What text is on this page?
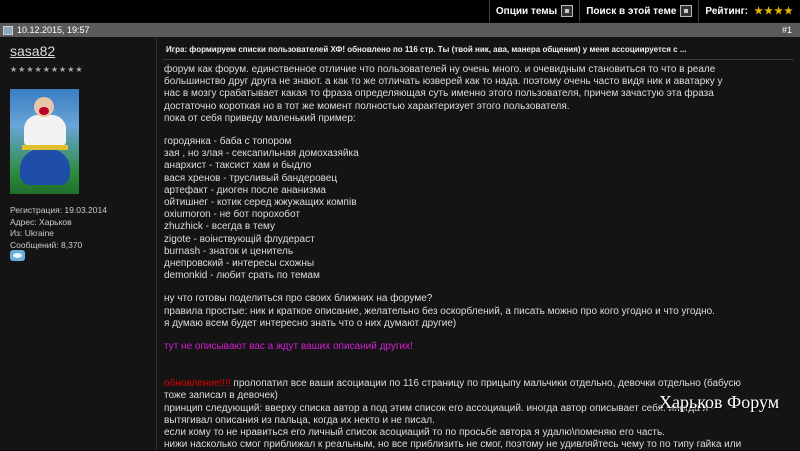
Опции темы	Поиск в этой теме	Рейтинг: ★★★★
10.12.2015, 19:57	#1
sasa82
★★★★★★★★★
Регистрация: 19.03.2014
Адрес: Харьков
Из: Ukraine
Сообщений: 8,370
Игра: формируем списки пользователей ХФ! обновлено по 116 стр. Ты (твой ник, ава, манера общения) у меня ассоциируется с ...

форум как форум. единственное отличие что пользователей ну очень много. и очевидным становиться то что в реале

большинство друг друга не знают. а как то же отличать юзверей как то нада. поэтому очень часто видя ник и аватарку у

нас в мозгу срабатывает какая то фраза определяющая суть именно этого пользователя, причем зачастую эта фраза

достаточно короткая но в тот же момент полностью характеризует этого пользователя.

пока от себя приведу маленький пример:

городянка - баба с топором

зая , но злая - сексапильная домохазяйка

анархист - таксист хам и быдло

вася хренов - трусливый бандеровец

артефакт - диоген после ананизма

ойтишнег - котик серед жжужащих компів

oxiumoron - не бот порохобот

zhuzhick - всегда в тему

zigote - воінствующій флудераст

burnash - знаток и ценитель

днепровский - интересы схожны

demonkid - любит срать по темам

ну что готовы поделиться про своих ближних на форуме?

правила простые: ник и краткое описание, желательно без оскорблений, а писать можно про кого угодно и что угодно.

я думаю всем будет интересно знать что о них думают другие)

тут не описывают вас а ждут ваших описаний других!

обновление!!!! пролопатил все ваши асоциации по 116 страницу по прицыпу мальчики отдельно, девочки отдельно (бабусю

тоже записал в девочек)

принцип следующий: вверху списка автор а под этим список его ассоциаций. иногда автор описывает себя. иногда я -

вытягивал описания из пальца, когда их некто и не писал.

если кому то не нравиться его личный список асоциаций то по просьбе автора я удалю\поменяю его часть.

нижи насколько смог приближал к реальным, но все приблизить не смог, поэтому не удивляйтесь чему то по типу гайка или

Харьков Форум
